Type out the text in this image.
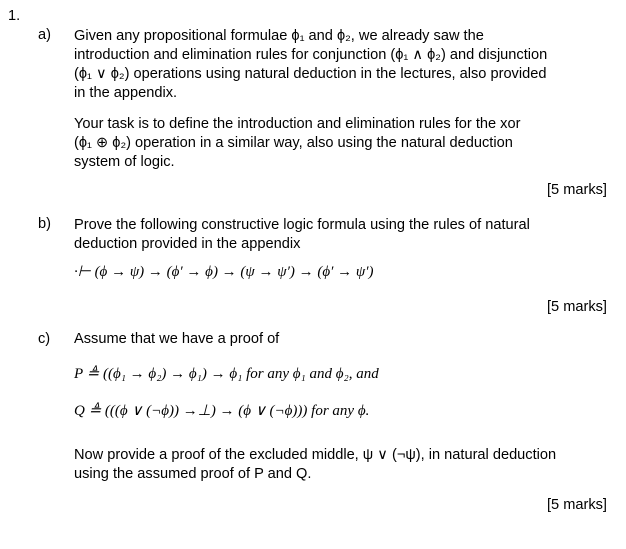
1.
a) Given any propositional formulae ϕ₁ and ϕ₂, we already saw the
introduction and elimination rules for conjunction (ϕ₁ ∧ ϕ₂) and disjunction
(ϕ₁ ∨ ϕ₂) operations using natural deduction in the lectures, also provided
in the appendix.
Your task is to define the introduction and elimination rules for the xor
(ϕ₁ ⊕ ϕ₂) operation in a similar way, also using the natural deduction
system of logic.
[5 marks]
b) Prove the following constructive logic formula using the rules of natural
deduction provided in the appendix
·⊢ (ϕ → ψ) → (ϕ′ → ϕ) → (ψ → ψ′) → (ϕ′ → ψ′)
[5 marks]
c) Assume that we have a proof of
P ≜ ((ϕ₁ → ϕ₂) → ϕ₁) → ϕ₁ for any ϕ₁ and ϕ₂, and
Q ≜ (((ϕ ∨ (¬ϕ)) →⊥) → (ϕ ∨ (¬ϕ))) for any ϕ.
Now provide a proof of the excluded middle, ψ ∨ (¬ψ), in natural deduction
using the assumed proof of P and Q.
[5 marks]
